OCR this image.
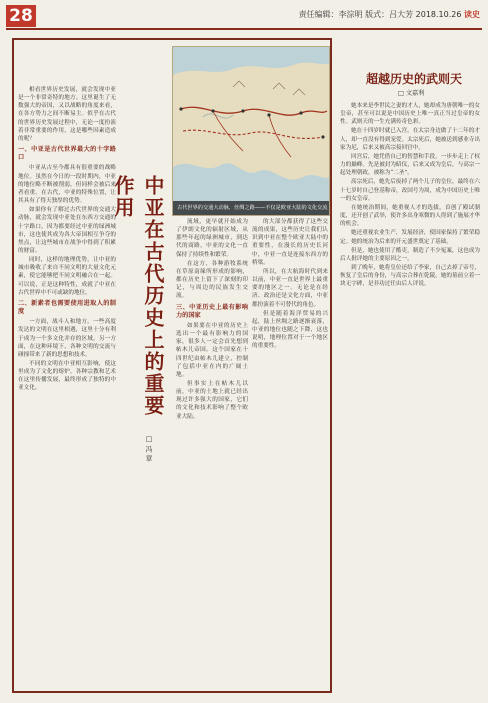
28	责任编辑：李淙明 版式：吕大芳 2018.10.26 读史
古代世界的交通大动脉，丝绸之路——不仅是欧亚大陆的文化交流之路
中亚在古代历史上的重要作用
□ 冯 章

相看世界历史发展，就会发现中亚是一个非常奇特的地方。这里诞生了无数强大的帝国，又以战略的角度来看，在各方势力之间不断易主。似乎在古代的世界历史发展过程中，无论一度扮演着非常重要的作用，这是哪些因素造成的呢？

一、中亚是古代世界最大的十字路口

中亚从古至今都具有很重要的战略地位。虽然在今日的一段时期内，中亚的地位略不断被削弱，但同样会被后来者看重。在古代，中亚的特殊位置，让其具有了得天独厚的优势。

如果你有了解过古代世界的交通大动脉，就会发现中亚处在东西方交通的十字路口。因为都要经过中亚的绿洲城市，这也使其成为各大帝国相互争夺的焦点，让这些城市在战争中得到了积累的财富。

同时，这样的地理优势，让中亚的城市吸收了来自不同文明的大量文化元素，使它能够把不同文明融合在一起。可以说，正是这种特性，成就了中亚在古代世界中不可或缺的地位。

二、新素者也需要使用进取人的制度

一方面，战斗人和地方，一些高度发达的文明在这里相遇，这里十分有利于成为一个多文化并存的区域。另一方面，在这种环境下，各种文明的交流与碰撞带来了新的思想和技术。

不同的文明在中亚相互影响，使这里成为了文化的熔炉，各种宗教和艺术在这里传播发展，最终形成了独特的中亚文化。

流域，更早就开始成为了伊朗文化的辐射区域，从那些年起的绿洲城市，到达代的商路，中亚的文化一直保持了持续性和繁荣。

在这方，各种游牧系统在草原南缘所形成的影响，都在历史上留下了深刻的印记，与周边的民族发生交流。

三、中亚历史上最有影响力的国家

如果要在中亚的历史上选出一个最有影响力的国家，很多人一定会首先想到帖木儿帝国。这个国家在十四世纪由帖木儿建立，控制了包括中亚在内的广阔土地。

但事实上在帖木儿以前，中亚的土地上就已经出现过许多强大的国家，它们的文化和技术影响了整个欧亚大陆。

的大部分都获得了这些交流的成果，这些历史让我们认识到中亚在整个欧亚大陆中的重要性，在漫长的历史长河中，中亚一直是连接东西方的桥梁。

所以，在大航海时代到来以前，中亚一直是世界上最重要的地区之一。无论是在经济、政治还是文化方面，中亚都扮演着不可替代的角色。

但是随着海洋贸易的兴起，陆上丝绸之路逐渐衰落，中亚的地位也随之下降，这也说明，地理位置对于一个地区的重要性。

超越历史的武则天
□ 文嘉利

她本来是李世民之妻的才人，她却成为唐朝唯一的女皇帝，甚至可以说是中国历史上唯一真正当过皇帝的女性。武则天的一生充满传奇色彩。

她在十四岁时就已入宫，在太宗身边做了十二年的才人，却一直没有得到宠爱。太宗死后，她被送到感业寺出家为尼，后来又被高宗接回宫中。

回宫后，她凭借自己的智慧和手段，一步步走上了权力的巅峰。先是被封为昭仪，后来又成为皇后，与高宗一起处理朝政，被称为“二圣”。

高宗死后，她先后废掉了两个儿子的皇位，最终在六十七岁时自己登基称帝，改国号为周，成为中国历史上唯一的女皇帝。

在她统治期间，她重视人才的选拔，首创了殿试制度，还开创了武举，使许多出身寒微的人得到了施展才华的机会。

她还重视农业生产，发展经济，使国家保持了繁荣稳定。她的统治为后来的开元盛世奠定了基础。

但是，她也使用了酷吏，制造了不少冤案，这也成为后人批评她的主要原因之一。

到了晚年，她将皇位还给了李家，自己去掉了帝号，恢复了皇后的身份，与高宗合葬在乾陵。她的墓前立着一块无字碑，是非功过任由后人评说。
